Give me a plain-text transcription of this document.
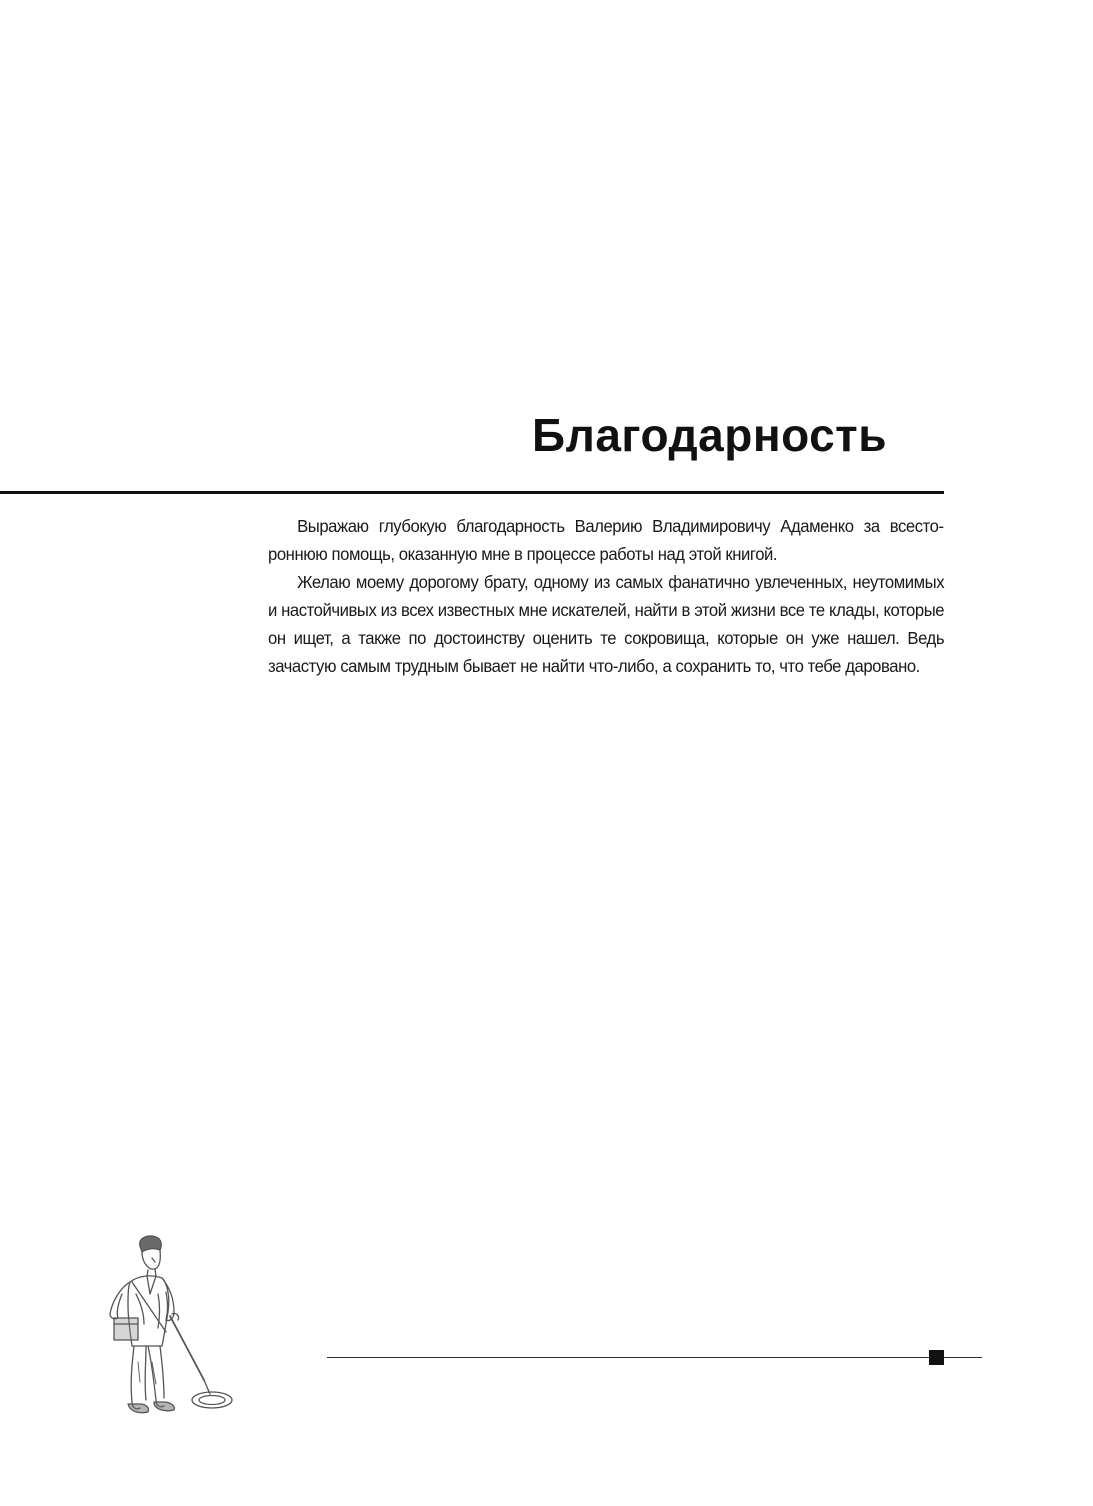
Благодарность

Выражаю глубокую благодарность Валерию Владимировичу Адаменко за всестороннюю помощь, оказанную мне в процессе работы над этой книгой.

Желаю моему дорогому брату, одному из самых фанатично увлеченных, неутомимых и настойчивых из всех известных мне искателей, найти в этой жизни все те клады, которые он ищет, а также по достоинству оценить те сокровища, которые он уже нашел. Ведь зачастую самым трудным бывает не найти что-либо, а сохранить то, что тебе даровано.
